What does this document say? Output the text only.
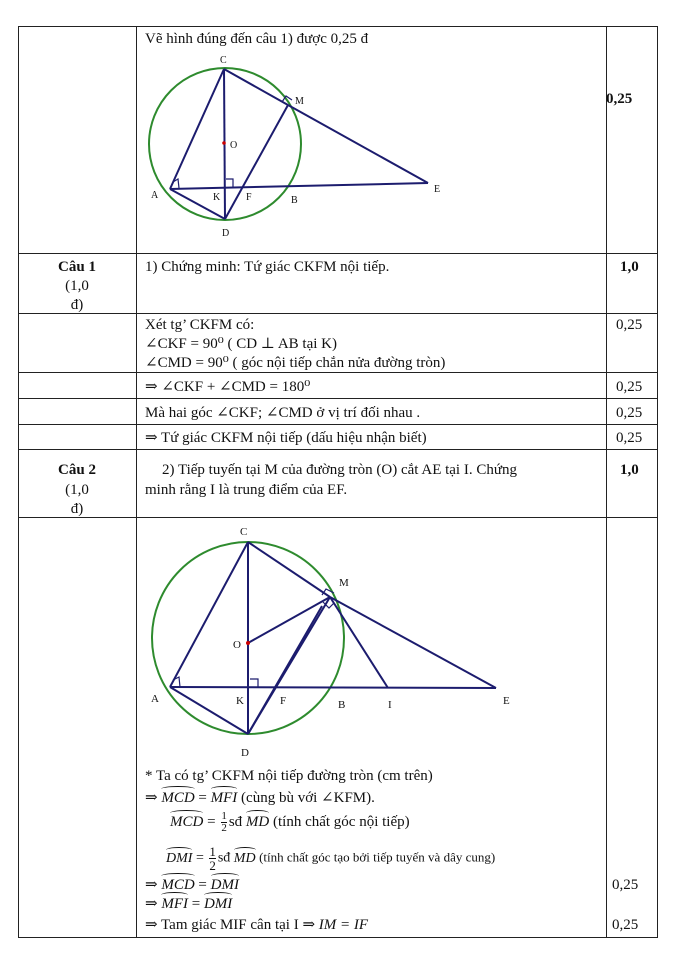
Vẽ hình đúng đến câu 1) được 0,25 đ
0,25
C
M
O
A	K	F	B
E
D
Câu 1
(1,0
đ)
1) Chứng minh: Tứ giác CKFM nội tiếp.	1,0
Xét tg’ CKFM có:
∠CKF = 90⁰ ( CD ⊥ AB tại K)
∠CMD = 90⁰ ( góc nội tiếp chắn nửa đường tròn)
0,25
⇒ ∠CKF + ∠CMD = 180⁰	0,25
Mà hai góc ∠CKF; ∠CMD ở vị trí đối nhau .	0,25
⇒ Tứ giác CKFM nội tiếp (dấu hiệu nhận biết)	0,25
Câu 2
(1,0
đ)
2) Tiếp tuyến tại M của đường tròn (O) cắt AE tại I. Chứng
minh rằng I là trung điểm của EF.
1,0
C
M
O
A	K	F	B	I	E
D
* Ta có tg’ CKFM nội tiếp đường tròn (cm trên)
⇒ MCD = MFI (cùng bù với ∠KFM).
MCD = $\frac{1}{2}$ sđ MD (tính chất góc nội tiếp)
DMI = $\frac{1}{2}$ sđ MD (tính chất góc tạo bởi tiếp tuyến và dây cung)
⇒ MCD = DMI	0,25
⇒ MFI = DMI
⇒ Tam giác MIF cân tại I ⇒ IM = IF	0,25
